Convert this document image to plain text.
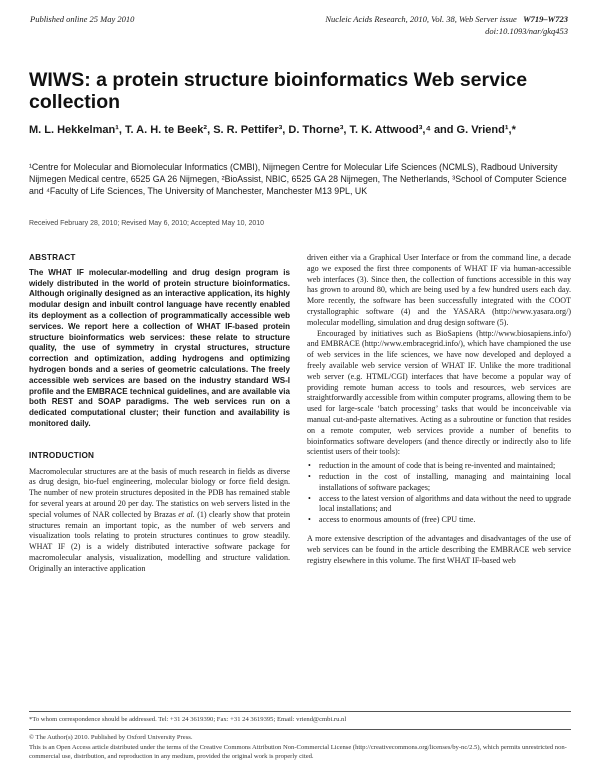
Published online 25 May 2010	Nucleic Acids Research, 2010, Vol. 38, Web Server issue W719–W723
doi:10.1093/nar/gkq453
WIWS: a protein structure bioinformatics Web service collection
M. L. Hekkelman¹, T. A. H. te Beek², S. R. Pettifer³, D. Thorne³, T. K. Attwood³,⁴ and G. Vriend¹,*
¹Centre for Molecular and Biomolecular Informatics (CMBI), Nijmegen Centre for Molecular Life Sciences (NCMLS), Radboud University Nijmegen Medical centre, 6525 GA 26 Nijmegen, ²BioAssist, NBIC, 6525 GA 28 Nijmegen, The Netherlands, ³School of Computer Science and ⁴Faculty of Life Sciences, The University of Manchester, Manchester M13 9PL, UK
Received February 28, 2010; Revised May 6, 2010; Accepted May 10, 2010
ABSTRACT

The WHAT IF molecular-modelling and drug design program is widely distributed in the world of protein structure bioinformatics. Although originally designed as an interactive application, its highly modular design and inbuilt control language have recently enabled its deployment as a collection of programmatically accessible web services. We report here a collection of WHAT IF-based protein structure bioinformatics web services: these relate to structure quality, the use of symmetry in crystal structures, structure correction and optimization, adding hydrogens and optimizing hydrogen bonds and a series of geometric calculations. The freely accessible web services are based on the industry standard WS-I profile and the EMBRACE technical guidelines, and are available via both REST and SOAP paradigms. The web services run on a dedicated computational cluster; their function and availability is monitored daily.

INTRODUCTION

Macromolecular structures are at the basis of much research in fields as diverse as drug design, bio-fuel engineering, molecular biology or force field design. The number of new protein structures deposited in the PDB has remained stable for several years at around 20 per day. The statistics on web servers listed in the special volumes of NAR collected by Brazas et al. (1) clearly show that protein structures remain an important topic, as the number of web servers and visualization tools relating to protein structures continues to grow steadily. WHAT IF (2) is a widely distributed interactive software package for macromolecular analysis, visualization, modelling and structure validation. Originally an interactive application

driven either via a Graphical User Interface or from the command line, a decade ago we exposed the first three components of WHAT IF via human-accessible web interfaces (3). Since then, the collection of functions accessible in this way has grown to around 80, which are being used by a few hundred users each day. More recently, the software has been successfully integrated with the COOT crystallographic software (4) and the YASARA (http://www.yasara.org/) molecular modelling, simulation and drug design software (5).

Encouraged by initiatives such as BioSapiens (http://www.biosapiens.info/) and EMBRACE (http://www.embracegrid.info/), which have championed the use of web services in the life sciences, we have now developed and deployed a freely available web service version of WHAT IF. Unlike the more traditional web server (e.g. HTML/CGI) interfaces that have become a popular way of providing remote human access to tools and resources, web services are straightforwardly accessible from within computer programs, allowing them to be used for large-scale ‘batch processing’ tasks that would be inconceivable via manual cut-and-paste alternatives. Acting as a subroutine or function that resides on a remote computer, web services provide a number of benefits to bioinformatics software developers (and thence directly or indirectly also to life scientist users of their tools):

• reduction in the amount of code that is being re-invented and maintained;
• reduction in the cost of installing, managing and maintaining local installations of software packages;
• access to the latest version of algorithms and data without the need to upgrade local installations; and
• access to enormous amounts of (free) CPU time.

A more extensive description of the advantages and disadvantages of the use of web services can be found in the article describing the EMBRACE web service registry elsewhere in this volume. The first WHAT IF-based web

*To whom correspondence should be addressed. Tel: +31 24 3619390; Fax: +31 24 3619395; Email: vriend@cmbi.ru.nl
© The Author(s) 2010. Published by Oxford University Press.
This is an Open Access article distributed under the terms of the Creative Commons Attribution Non-Commercial License (http://creativecommons.org/licenses/by-nc/2.5), which permits unrestricted non-commercial use, distribution, and reproduction in any medium, provided the original work is properly cited.
